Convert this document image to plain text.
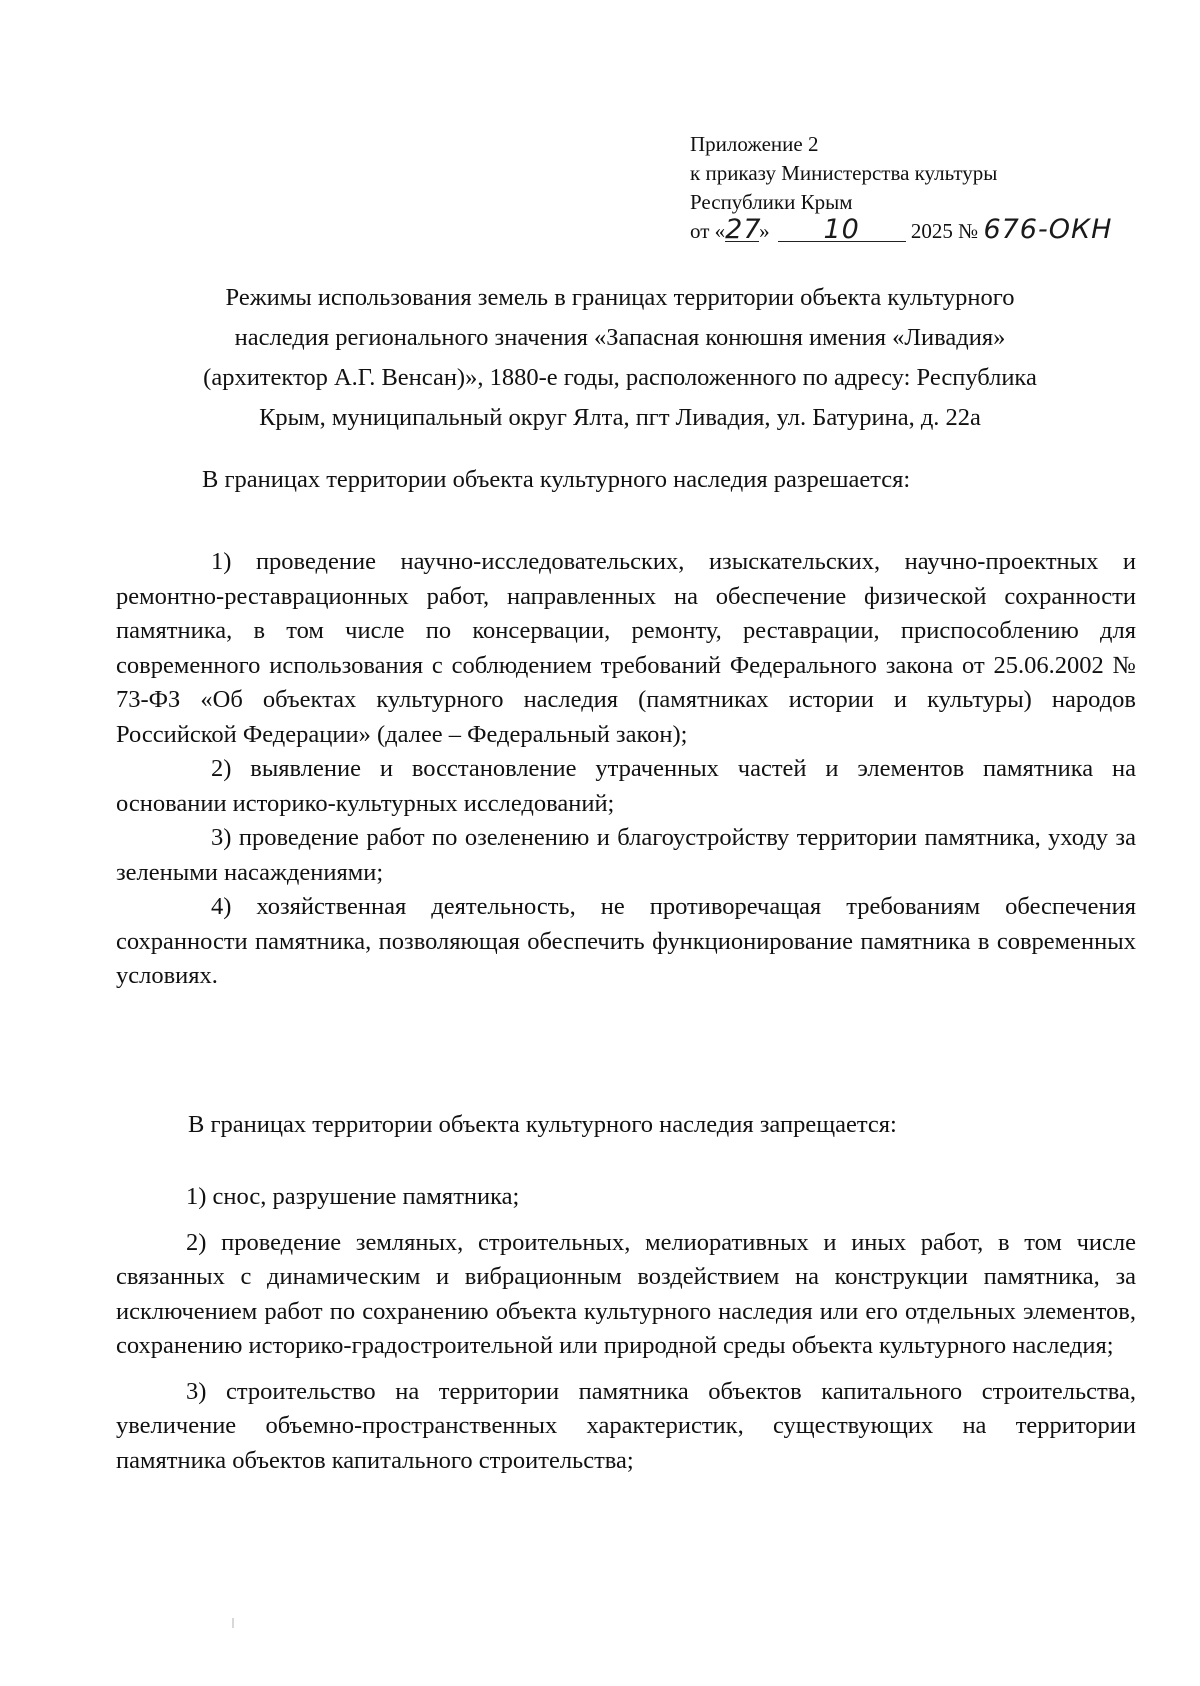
Приложение 2
к приказу Министерства культуры
Республики Крым
от «27» 10 2025 № 676-ОКН
Режимы использования земель в границах территории объекта культурного
наследия регионального значения «Запасная конюшня имения «Ливадия»
(архитектор А.Г. Венсан)», 1880-е годы, расположенного по адресу: Республика
Крым, муниципальный округ Ялта, пгт Ливадия, ул. Батурина, д. 22а
В границах территории объекта культурного наследия разрешается:
1) проведение научно-исследовательских, изыскательских, научно-проектных и ремонтно-реставрационных работ, направленных на обеспечение физической сохранности памятника, в том числе по консервации, ремонту, реставрации, приспособлению для современного использования с соблюдением требований Федерального закона от 25.06.2002 № 73-ФЗ «Об объектах культурного наследия (памятниках истории и культуры) народов Российской Федерации» (далее – Федеральный закон);
2) выявление и восстановление утраченных частей и элементов памятника на основании историко-культурных исследований;
3) проведение работ по озеленению и благоустройству территории памятника, уходу за зелеными насаждениями;
4) хозяйственная деятельность, не противоречащая требованиям обеспечения сохранности памятника, позволяющая обеспечить функционирование памятника в современных условиях.
В границах территории объекта культурного наследия запрещается:
1) снос, разрушение памятника;
2) проведение земляных, строительных, мелиоративных и иных работ, в том числе связанных с динамическим и вибрационным воздействием на конструкции памятника, за исключением работ по сохранению объекта культурного наследия или его отдельных элементов, сохранению историко-градостроительной или природной среды объекта культурного наследия;
3) строительство на территории памятника объектов капитального строительства, увеличение объемно-пространственных характеристик, существующих на территории памятника объектов капитального строительства;
